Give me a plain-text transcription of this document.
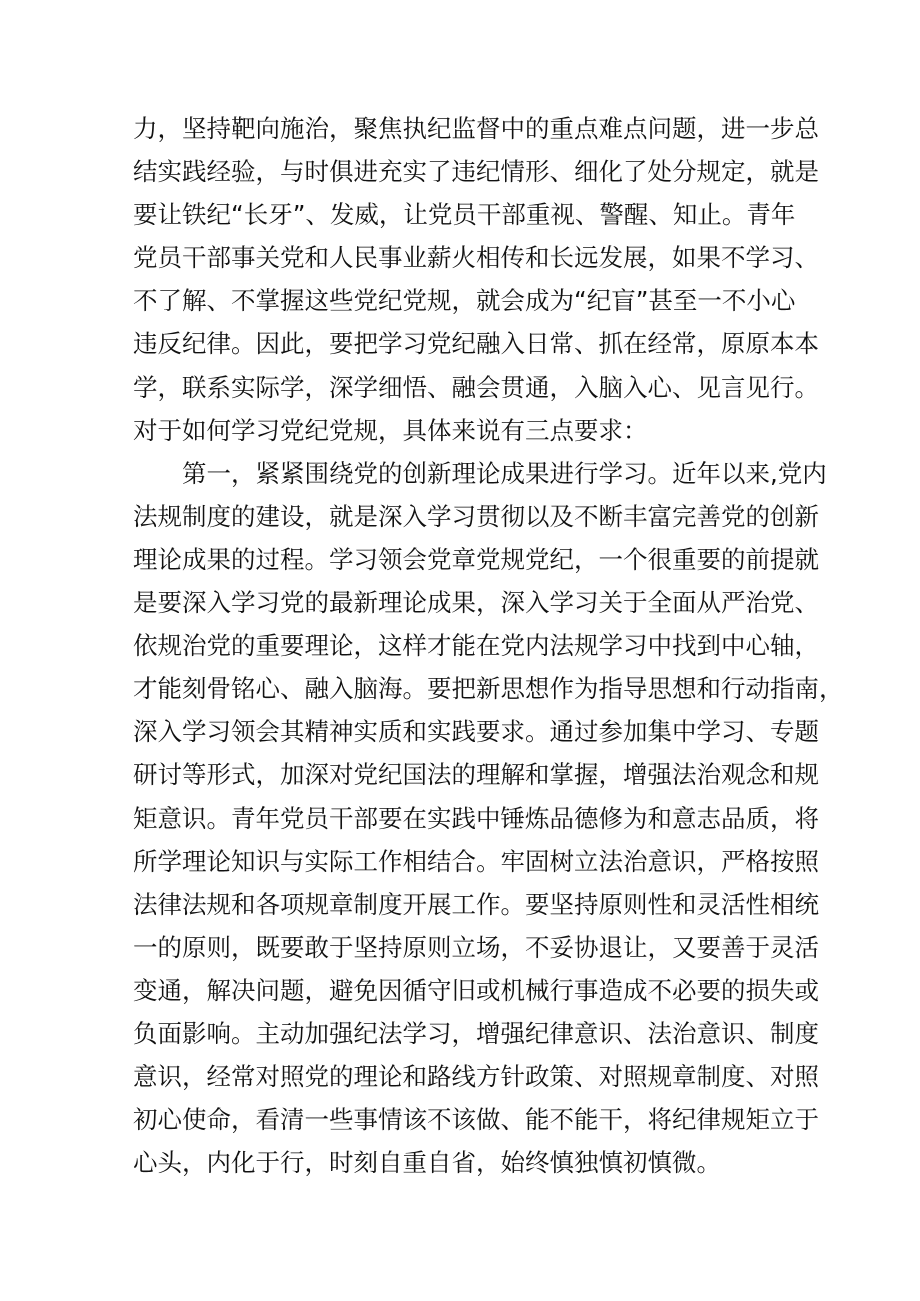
力，坚持靶向施治，聚焦执纪监督中的重点难点问题，进一步总
结实践经验，与时俱进充实了违纪情形、细化了处分规定，就是
要让铁纪“长牙”、发威，让党员干部重视、警醒、知止。青年
党员干部事关党和人民事业薪火相传和长远发展，如果不学习、
不了解、不掌握这些党纪党规，就会成为“纪盲”甚至一不小心
违反纪律。因此，要把学习党纪融入日常、抓在经常，原原本本
学，联系实际学，深学细悟、融会贯通，入脑入心、见言见行。
对于如何学习党纪党规，具体来说有三点要求：
第一，紧紧围绕党的创新理论成果进行学习。近年以来,党内
法规制度的建设，就是深入学习贯彻以及不断丰富完善党的创新
理论成果的过程。学习领会党章党规党纪，一个很重要的前提就
是要深入学习党的最新理论成果，深入学习关于全面从严治党、
依规治党的重要理论，这样才能在党内法规学习中找到中心轴，
才能刻骨铭心、融入脑海。要把新思想作为指导思想和行动指南，
深入学习领会其精神实质和实践要求。通过参加集中学习、专题
研讨等形式，加深对党纪国法的理解和掌握，增强法治观念和规
矩意识。青年党员干部要在实践中锤炼品德修为和意志品质，将
所学理论知识与实际工作相结合。牢固树立法治意识，严格按照
法律法规和各项规章制度开展工作。要坚持原则性和灵活性相统
一的原则，既要敢于坚持原则立场，不妥协退让，又要善于灵活
变通，解决问题，避免因循守旧或机械行事造成不必要的损失或
负面影响。主动加强纪法学习，增强纪律意识、法治意识、制度
意识，经常对照党的理论和路线方针政策、对照规章制度、对照
初心使命，看清一些事情该不该做、能不能干，将纪律规矩立于
心头，内化于行，时刻自重自省，始终慎独慎初慎微。
